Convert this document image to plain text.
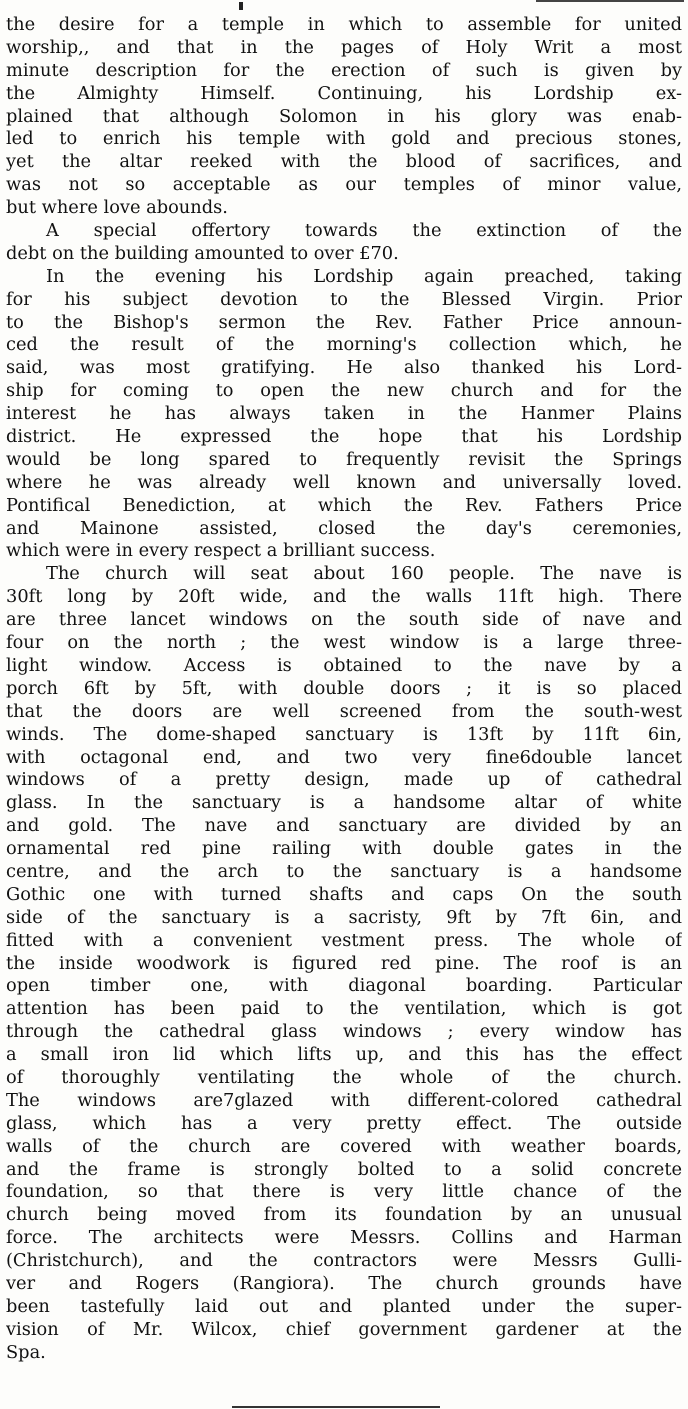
the desire for a temple in which to assemble for united
worship,, and that in the pages of Holy Writ a most
minute description for the erection of such is given by
the Almighty Himself. Continuing, his Lordship ex-
plained that although Solomon in his glory was enab-
led to enrich his temple with gold and precious stones,
yet the altar reeked with the blood of sacrifices, and
was not so acceptable as our temples of minor value,
but where love abounds.
A special offertory towards the extinction of the
debt on the building amounted to over £70.
In the evening his Lordship again preached, taking
for his subject devotion to the Blessed Virgin. Prior
to the Bishop's sermon the Rev. Father Price announ-
ced the result of the morning's collection which, he
said, was most gratifying. He also thanked his Lord-
ship for coming to open the new church and for the
interest he has always taken in the Hanmer Plains
district. He expressed the hope that his Lordship
would be long spared to frequently revisit the Springs
where he was already well known and universally loved.
Pontifical Benediction, at which the Rev. Fathers Price
and Mainone assisted, closed the day's ceremonies,
which were in every respect a brilliant success.
The church will seat about 160 people. The nave is
30ft long by 20ft wide, and the walls 11ft high. There
are three lancet windows on the south side of nave and
four on the north ; the west window is a large three-
light window. Access is obtained to the nave by a
porch 6ft by 5ft, with double doors ; it is so placed
that the doors are well screened from the south-west
winds. The dome-shaped sanctuary is 13ft by 11ft 6in,
with octagonal end, and two very fine6double lancet
windows of a pretty design, made up of cathedral
glass. In the sanctuary is a handsome altar of white
and gold. The nave and sanctuary are divided by an
ornamental red pine railing with double gates in the
centre, and the arch to the sanctuary is a handsome
Gothic one with turned shafts and caps On the south
side of the sanctuary is a sacristy, 9ft by 7ft 6in, and
fitted with a convenient vestment press. The whole of
the inside woodwork is figured red pine. The roof is an
open timber one, with diagonal boarding. Particular
attention has been paid to the ventilation, which is got
through the cathedral glass windows ; every window has
a small iron lid which lifts up, and this has the effect
of thoroughly ventilating the whole of the church.
The windows are7glazed with different-colored cathedral
glass, which has a very pretty effect. The outside
walls of the church are covered with weather boards,
and the frame is strongly bolted to a solid concrete
foundation, so that there is very little chance of the
church being moved from its foundation by an unusual
force. The architects were Messrs. Collins and Harman
(Christchurch), and the contractors were Messrs Gulli-
ver and Rogers (Rangiora). The church grounds have
been tastefully laid out and planted under the super-
vision of Mr. Wilcox, chief government gardener at the
Spa.
